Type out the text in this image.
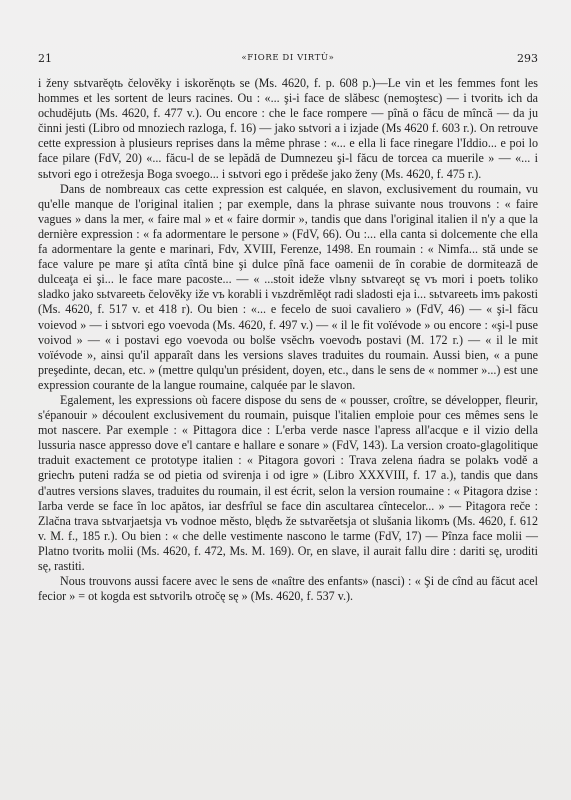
21	«FIORE DI VIRTÙ»	293

i ženy sьtvarěǫtь čelověky i iskorěnǫtь se (Ms. 4620, f. p. 608 p.)—Le vin et les femmes font les hommes et les sortent de leurs racines. Ou : «... şi-i face de slăbesc (nemoştesc) — i tvoritь ich da ochudějutь (Ms. 4620, f. 477 v.). Ou encore : che le face rompere — pînă o făcu de mîncă — da ju činni jesti (Libro od mnoziech razloga, f. 16) — jako sьtvori a i izjade (Ms 4620 f. 603 r.). On retrouve cette expression à plusieurs reprises dans la même phrase : «... e ella li face rinegare l'Iddio... e poi lo face pilare (FdV, 20) «... făcu-l de se lepădă de Dumnezeu şi-l făcu de torcea ca muerile » — «... i sьtvori ego i otrežesja Boga svoego... i sьtvori ego i prědeše jako ženy (Ms. 4620, f. 475 r.).

Dans de nombreaux cas cette expression est calquée, en slavon, exclusivement du roumain, vu qu'elle manque de l'original italien ; par exemple, dans la phrase suivante nous trouvons : « faire vagues » dans la mer, « faire mal » et « faire dormir », tandis que dans l'original italien il n'y a que la dernière expression : « fa adormentare le persone » (FdV, 66). Ou :... ella canta si dolcemente che ella fa adormentare la gente e marinari, Fdv, XVIII, Ferenze, 1498. En roumain : « Nimfa... stă unde se face valure pe mare şi atîta cîntă bine şi dulce pînă face oamenii de în corabie de dormitează de dulceaţa ei şi... le face mare pacoste... — « ...stoit ideže vlьny sьtvarеǫt sę vъ mori i poetъ toliko sladko jako sьtvareetь čelověky iže vъ korabli i vьzdrěmlěǫt radi sladosti eja i... sьtvareetь imъ pakosti (Ms. 4620, f. 517 v. et 418 r). Ou bien : «... e fecelo de suoi cavaliero » (FdV, 46) — « şi-l făcu voievod » — i sьtvori ego voevoda (Ms. 4620, f. 497 v.) — « il le fit voïévode » ou encore : «şi-l puse voivod » — « i postavi ego voevoda ou bolše vsěchъ voevodъ postavi (M. 172 r.) — « il le mit voïévode », ainsi qu'il apparaît dans les versions slaves traduites du roumain. Aussi bien, « a pune preşedinte, decan, etc. » (mettre qulqu'un président, doyen, etc., dans le sens de « nommer »...) est une expression courante de la langue roumaine, calquée par le slavon.

Egalement, les expressions où facere dispose du sens de « pousser, croître, se développer, fleurir, s'épanouir » découlent exclusivement du roumain, puisque l'italien emploie pour ces mêmes sens le mot nascere. Par exemple : « Pittagora dice : L'erba verde nasce l'apress all'acque e il vizio della lussuria nasce appresso dove e'l cantare e hallare e sonare » (FdV, 143). La version croato-glagolitique traduit exactement ce prototype italien : « Pitagora govori : Trava zelena ńadra se polakъ vodě a griechъ puteni radźa se od pietia od svirenja i od igre » (Libro XXXVIII, f. 17 a.), tandis que dans d'autres versions slaves, traduites du roumain, il est écrit, selon la version roumaine : « Pitagora dzise : Iarba verde se face în loc apătos, iar desfrîul se face din ascultarea cîntecelor... » — Pitagora reče : Zlačna trava sьtvarjaetsja vъ vodnoe město, blędъ že sьtvarěetsja ot slušania likomъ (Ms. 4620, f. 612 v. M. f., 185 r.). Ou bien : « che delle vestimente nascono le tarme (FdV, 17) — Pînza face molii — Platno tvoritь molii (Ms. 4620, f. 472, Ms. M. 169). Or, en slave, il aurait fallu dire : dariti sę, uroditi sę, rastiti.

Nous trouvons aussi facere avec le sens de «naître des enfants» (nasci) : « Şi de cînd au făcut acel fecior » = ot kogda est sьtvorilъ otročę sę » (Ms. 4620, f. 537 v.).
